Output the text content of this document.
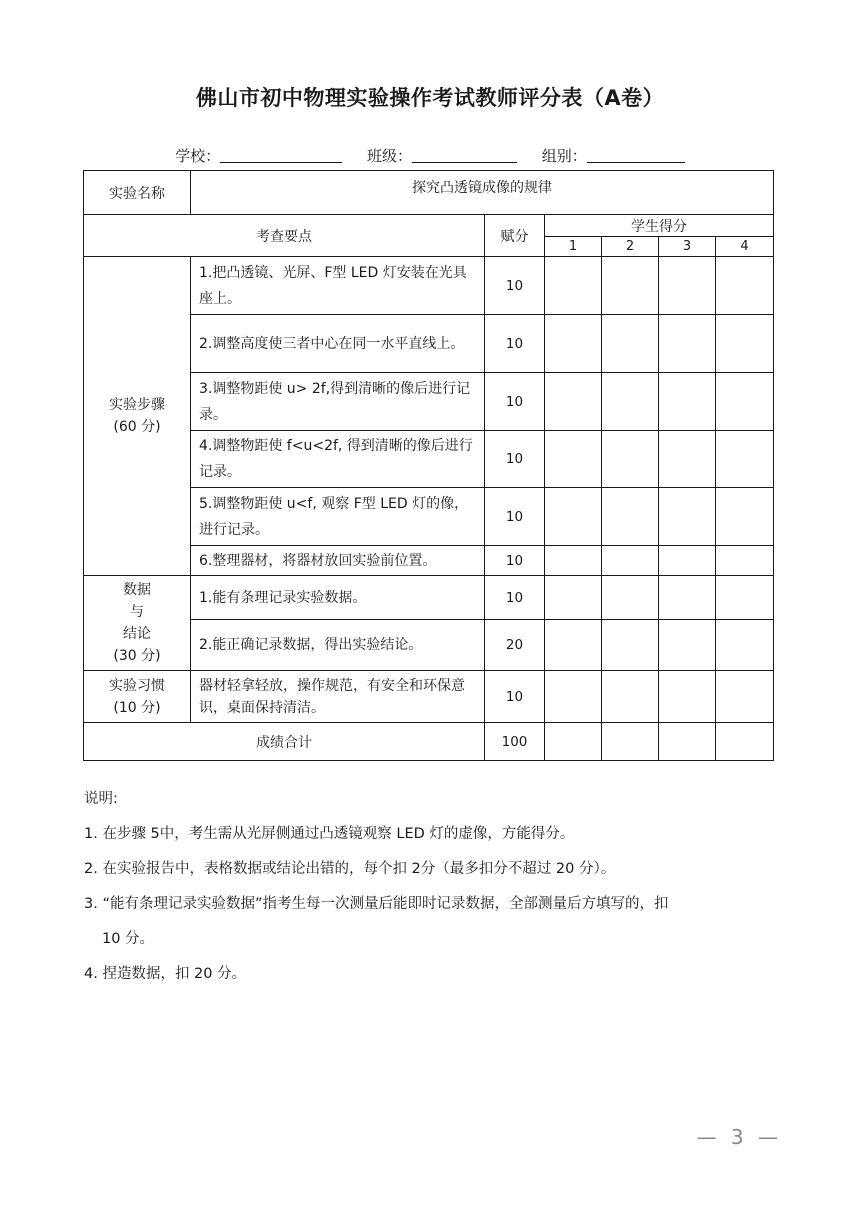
佛山市初中物理实验操作考试教师评分表（A卷）
学校：	班级：	组别：
实验名称	探究凸透镜成像的规律					
考查要点		赋分	学生得分			
			1	2	3	4

实验步骤
(60 分)	1.把凸透镜、光屏、F型 LED 灯安装在光具座上。	10				
	2.调整高度使三者中心在同一水平直线上。	10				
	3.调整物距使 u> 2f,得到清晰的像后进行记录。	10				
	4.调整物距使 f<u<2f, 得到清晰的像后进行记录。	10				
	5.调整物距使 u<f, 观察 F型 LED 灯的像，进行记录。	10				
	6.整理器材，将器材放回实验前位置。	10				

数据
与
结论
(30 分)	1.能有条理记录实验数据。	10				
	2.能正确记录数据，得出实验结论。	20				

实验习惯
(10 分)	器材轻拿轻放，操作规范，有安全和环保意识，桌面保持清洁。	10				
成绩合计		100				
说明:
1. 在步骤 5中，考生需从光屏侧通过凸透镜观察 LED 灯的虚像，方能得分。
2. 在实验报告中，表格数据或结论出错的，每个扣 2分（最多扣分不超过 20 分）。
3. “能有条理记录实验数据”指考生每一次测量后能即时记录数据，全部测量后方填写的，扣
10 分。
4. 捏造数据，扣 20 分。
— 3 —
